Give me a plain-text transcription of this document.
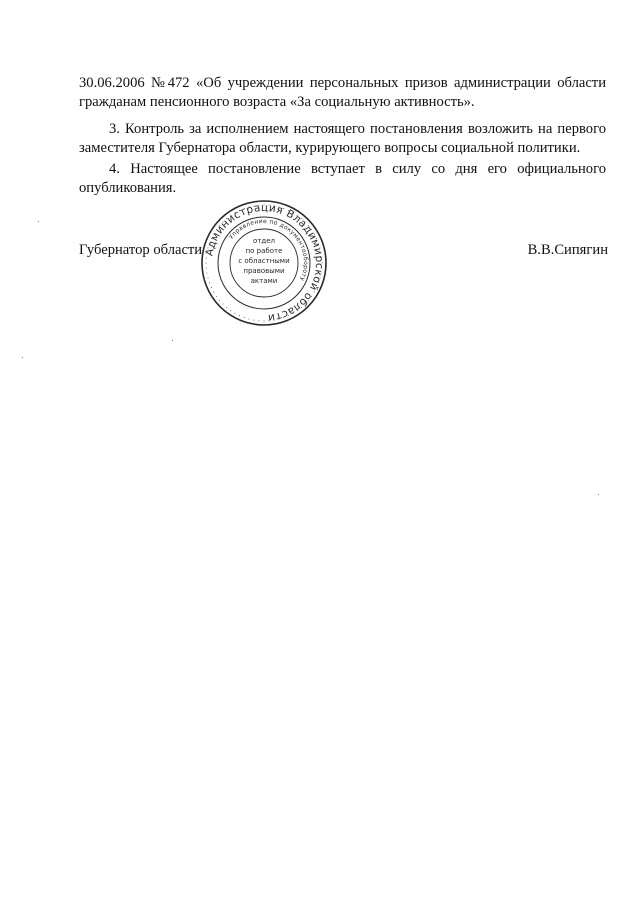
30.06.2006 №472 «Об учреждении персональных призов администрации области
гражданам пенсионного возраста «За социальную активность».
3. Контроль за исполнением настоящего постановления возложить на первого
заместителя Губернатора области, курирующего вопросы социальной политики.
4. Настоящее постановление вступает в силу со дня его официального
опубликования.
Губернатор области	В.В.Сипягин
Администрация Владимирской области
Управление по документообороту
отдел
по работе
с областными
правовыми
актами
